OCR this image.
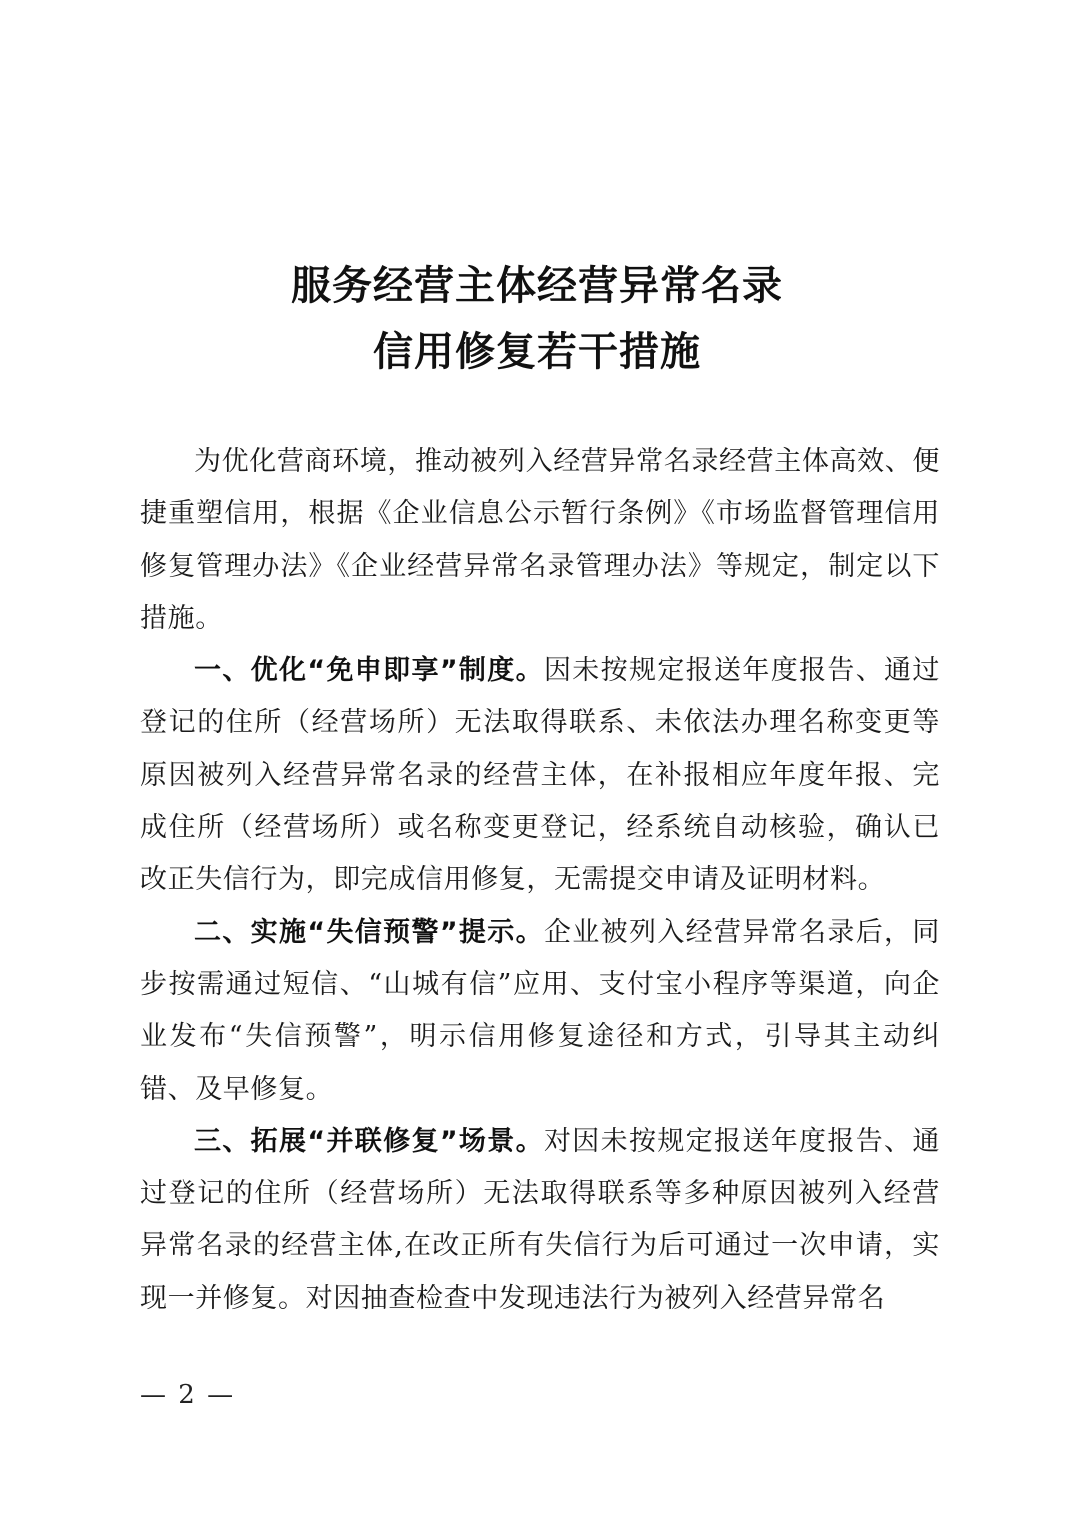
服务经营主体经营异常名录
信用修复若干措施

为优化营商环境，推动被列入经营异常名录经营主体高效、便捷重塑信用，根据《企业信息公示暂行条例》《市场监督管理信用修复管理办法》《企业经营异常名录管理办法》等规定，制定以下措施。

一、优化“免申即享”制度。因未按规定报送年度报告、通过登记的住所（经营场所）无法取得联系、未依法办理名称变更等原因被列入经营异常名录的经营主体，在补报相应年度年报、完成住所（经营场所）或名称变更登记，经系统自动核验，确认已改正失信行为，即完成信用修复，无需提交申请及证明材料。

二、实施“失信预警”提示。企业被列入经营异常名录后，同步按需通过短信、“山城有信”应用、支付宝小程序等渠道，向企业发布“失信预警”，明示信用修复途径和方式，引导其主动纠错、及早修复。

三、拓展“并联修复”场景。对因未按规定报送年度报告、通过登记的住所（经营场所）无法取得联系等多种原因被列入经营异常名录的经营主体,在改正所有失信行为后可通过一次申请，实现一并修复。对因抽查检查中发现违法行为被列入经营异常名

— 2 —
